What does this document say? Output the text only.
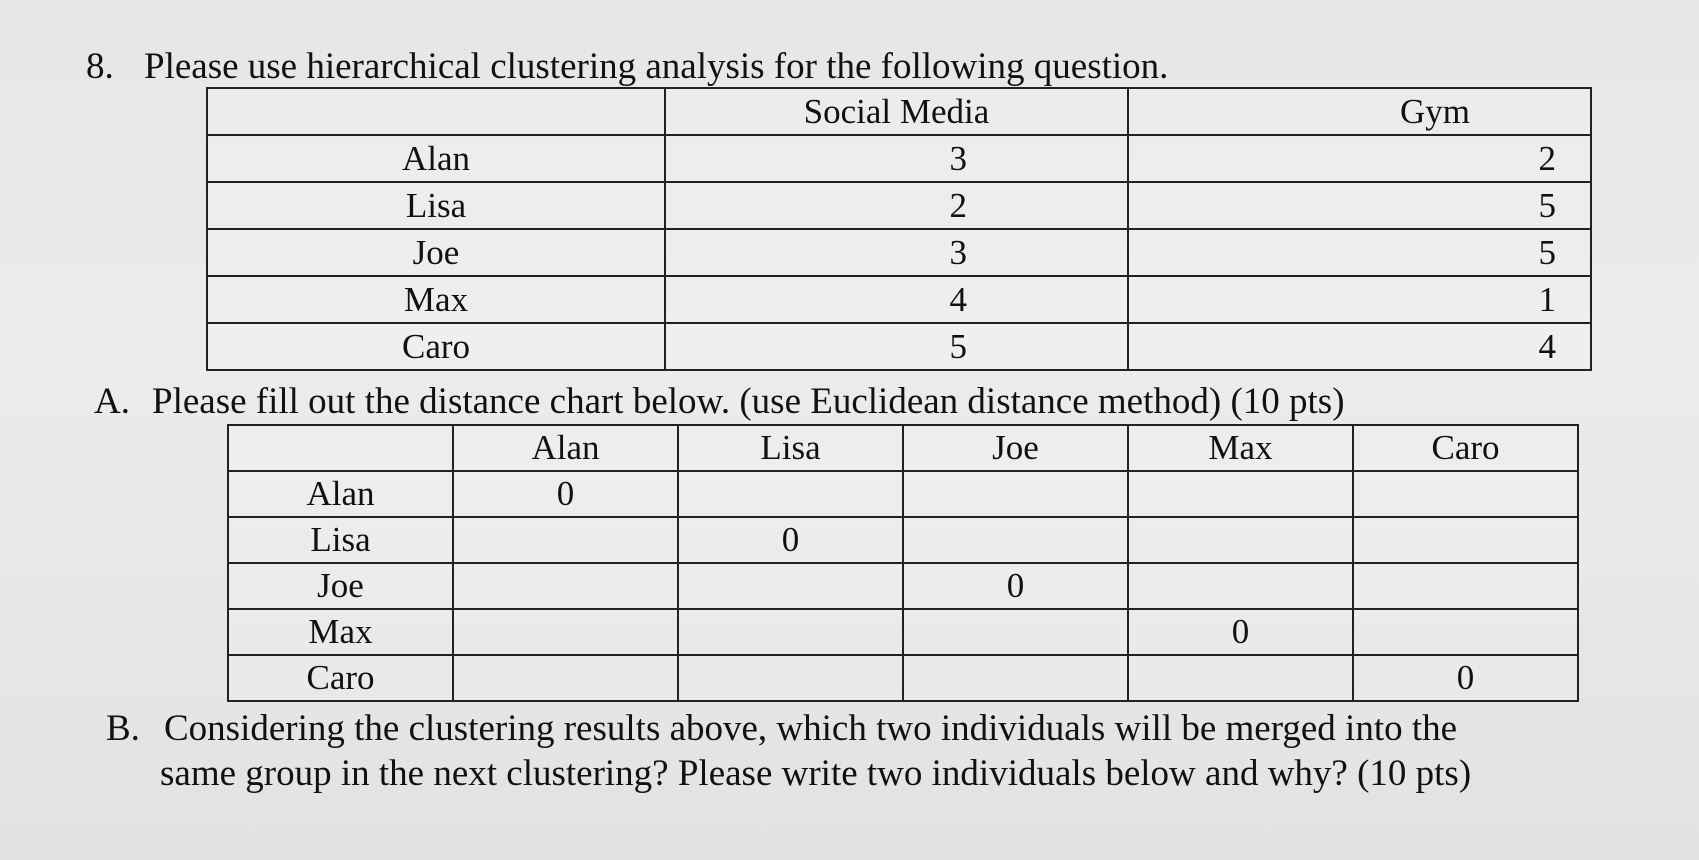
8. Please use hierarchical clustering analysis for the following question.
	Social Media	Gym
Alan	3	2
Lisa	2	5
Joe	3	5
Max	4	1
Caro	5	4
A. Please fill out the distance chart below. (use Euclidean distance method) (10 pts)
	Alan	Lisa	Joe	Max	Caro
Alan	0				
Lisa		0			
Joe			0		
Max				0	
Caro					0
B. Considering the clustering results above, which two individuals will be merged into the
same group in the next clustering? Please write two individuals below and why? (10 pts)
